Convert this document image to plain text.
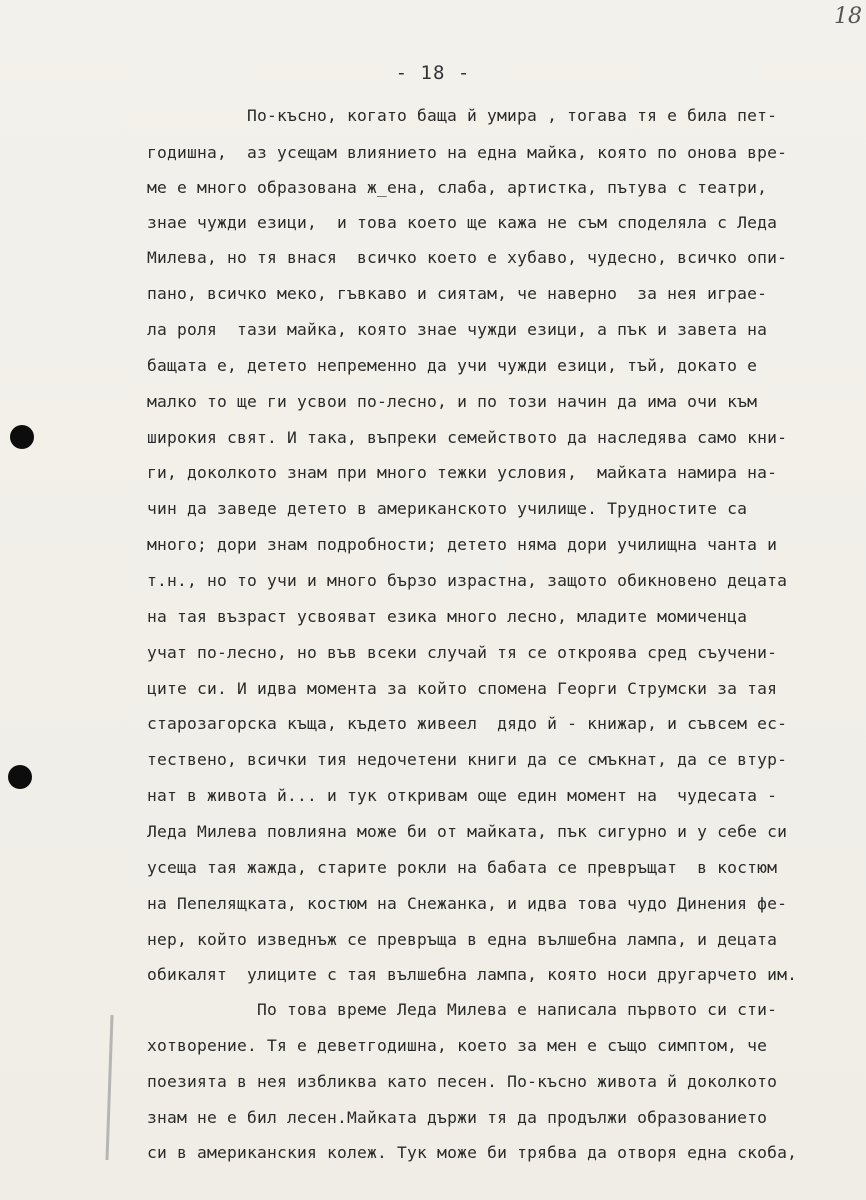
18
- 18 -
По-късно, когато баща й умира , тогава тя е била пет-
годишна,  аз усещам влиянието на една майка, която по онова вре-
ме е много образована ж_ена, слаба, артистка, пътува с театри,
знае чужди езици,  и това което ще кажа не съм споделяла с Леда
Милева, но тя внася  всичко което е хубаво, чудесно, всичко опи-
пано, всичко меко, гъвкаво и сиятам, че наверно  за нея играе-
ла роля  тази майка, която знае чужди езици, а пък и завета на
бащата е, детето непременно да учи чужди езици, тъй, докато е
малко то ще ги усвои по-лесно, и по този начин да има очи към
широкия свят. И така, въпреки семейството да наследява само кни-
ги, доколкото знам при много тежки условия,  майката намира на-
чин да заведе детето в американското училище. Трудностите са
много; дори знам подробности; детето няма дори училищна чанта и
т.н., но то учи и много бързо израстна, защото обикновено децата
на тая възраст усвояват езика много лесно, младите момиченца
учат по-лесно, но във всеки случай тя се откроява сред съучени-
ците си. И идва момента за който спомена Георги Струмски за тая
старозагорска къща, където живеел  дядо й - книжар, и съвсем ес-
тествено, всички тия недочетени книги да се смъкнат, да се втур-
нат в живота й... и тук откривам още един момент на  чудесата -
Леда Милева повлияна може би от майката, пък сигурно и у себе си
усеща тая жажда, старите рокли на бабата се превръщат  в костюм
на Пепелящката, костюм на Снежанка, и идва това чудо Динения фе-
нер, който изведнъж се превръща в една вълшебна лампа, и децата
обикалят  улиците с тая вълшебна лампа, която носи другарчето им.
По това време Леда Милева е написала първото си сти-
хотворение. Тя е деветгодишна, което за мен е също симптом, че
поезията в нея избликва като песен. По-късно живота й доколкото
знам не е бил лесен.Майката държи тя да продължи образованието
си в американския колеж. Тук може би трябва да отворя една скоба,
